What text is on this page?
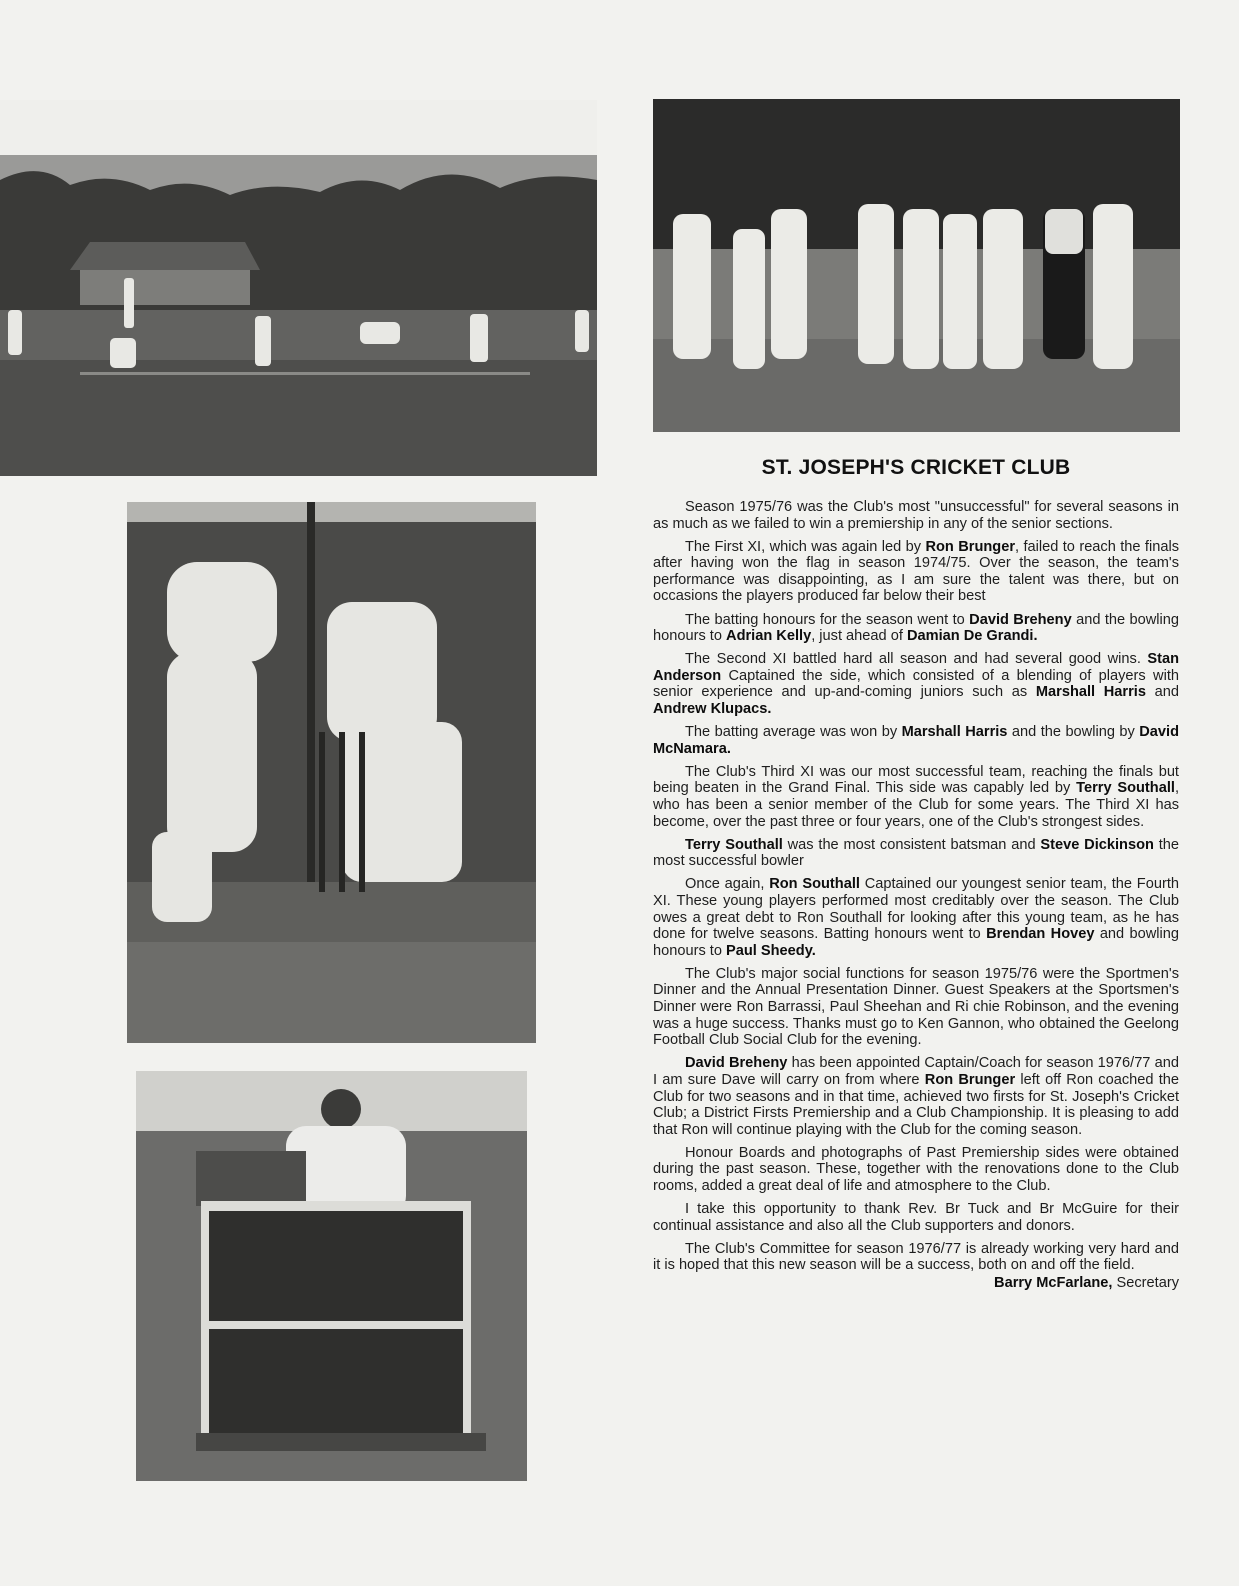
ST. JOSEPH'S CRICKET CLUB

Season 1975/76 was the Club's most "unsuccessful" for several seasons in as much as we failed to win a premiership in any of the senior sections.

The First XI, which was again led by Ron Brunger, failed to reach the finals after having won the flag in season 1974/75. Over the season, the team's performance was disappointing, as I am sure the talent was there, but on occasions the players produced far below their best

The batting honours for the season went to David Breheny and the bowling honours to Adrian Kelly, just ahead of Damian De Grandi.

The Second XI battled hard all season and had several good wins. Stan Anderson Captained the side, which consisted of a blending of players with senior experience and up-and-coming juniors such as Marshall Harris and Andrew Klupacs.

The batting average was won by Marshall Harris and the bowling by David McNamara.

The Club's Third XI was our most successful team, reaching the finals but being beaten in the Grand Final. This side was capably led by Terry Southall, who has been a senior member of the Club for some years. The Third XI has become, over the past three or four years, one of the Club's strongest sides.

Terry Southall was the most consistent batsman and Steve Dickinson the most successful bowler

Once again, Ron Southall Captained our youngest senior team, the Fourth XI. These young players performed most creditably over the season. The Club owes a great debt to Ron Southall for looking after this young team, as he has done for twelve seasons. Batting honours went to Brendan Hovey and bowling honours to Paul Sheedy.

The Club's major social functions for season 1975/76 were the Sportmen's Dinner and the Annual Presentation Dinner. Guest Speakers at the Sportsmen's Dinner were Ron Barrassi, Paul Sheehan and Ri chie Robinson, and the evening was a huge success. Thanks must go to Ken Gannon, who obtained the Geelong Football Club Social Club for the evening.

David Breheny has been appointed Captain/Coach for season 1976/77 and I am sure Dave will carry on from where Ron Brunger left off Ron coached the Club for two seasons and in that time, achieved two firsts for St. Joseph's Cricket Club; a District Firsts Premiership and a Club Championship. It is pleasing to add that Ron will continue playing with the Club for the coming season.

Honour Boards and photographs of Past Premiership sides were obtained during the past season. These, together with the renovations done to the Club rooms, added a great deal of life and atmosphere to the Club.

I take this opportunity to thank Rev. Br Tuck and Br McGuire for their continual assistance and also all the Club supporters and donors.

The Club's Committee for season 1976/77 is already working very hard and it is hoped that this new season will be a success, both on and off the field.

Barry McFarlane, Secretary
